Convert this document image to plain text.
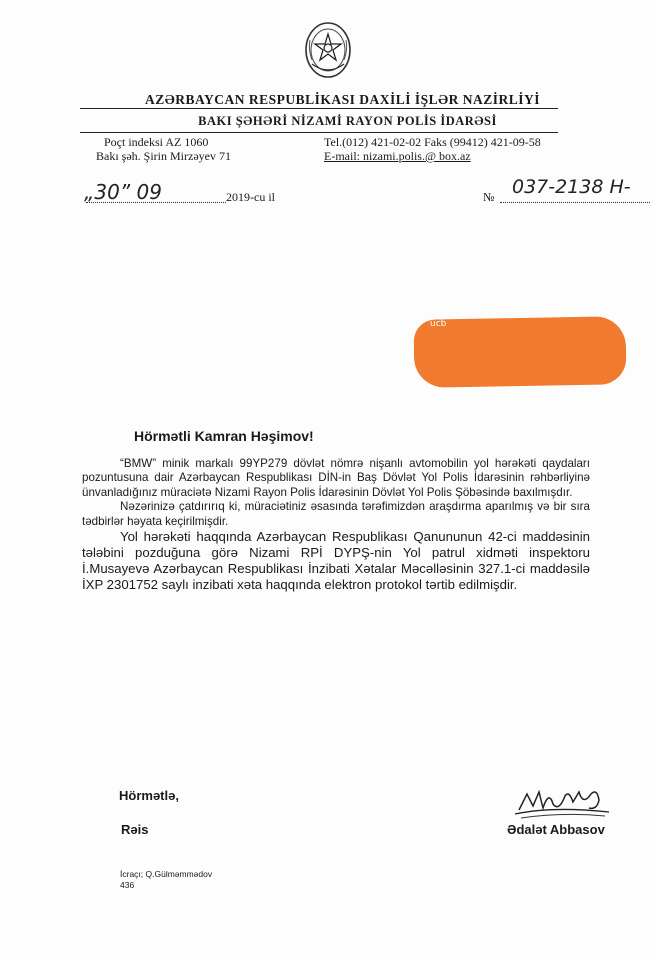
AZƏRBAYCAN RESPUBLİKASI DAXİLİ İŞLƏR NAZİRLİYİ
BAKI ŞƏHƏRİ NİZAMİ RAYON POLİS İDARƏSİ
Poçt indeksi AZ 1060
Bakı şəh. Şirin Mirzəyev 71
Tel.(012) 421-02-02 Faks (99412) 421-09-58
E-mail: nizami.polis.@ box.az
„30” 09	2019-cu il	№ 037-2138 H-
ucb
Hörmətli Kamran Həşimov!

“BMW” minik markalı 99YP279 dövlət nömrə nişanlı avtomobilin yol hərəkəti qaydaları pozuntusuna dair Azərbaycan Respublikası DİN-in Baş Dövlət Yol Polis İdarəsinin rəhbərliyinə ünvanladığınız müraciətə Nizami Rayon Polis İdarəsinin Dövlət Yol Polis Şöbəsində baxılmışdır.

Nəzərinizə çatdırırıq ki, müraciətiniz əsasında tərəfimizdən araşdırma aparılmış və bir sıra tədbirlər həyata keçirilmişdir.

Yol hərəkəti haqqında Azərbaycan Respublikası Qanununun 42-ci maddəsinin tələbini pozduğuna görə Nizami RPİ DYPŞ-nin Yol patrul xidməti inspektoru İ.Musayevə Azərbaycan Respublikası İnzibati Xətalar Məcəlləsinin 327.1-ci maddəsilə İXP 2301752 saylı inzibati xəta haqqında elektron protokol tərtib edilmişdir.

Hörmətlə,
Rəis	Ədalət Abbasov
İcraçı; Q.Gülməmmədov
436
